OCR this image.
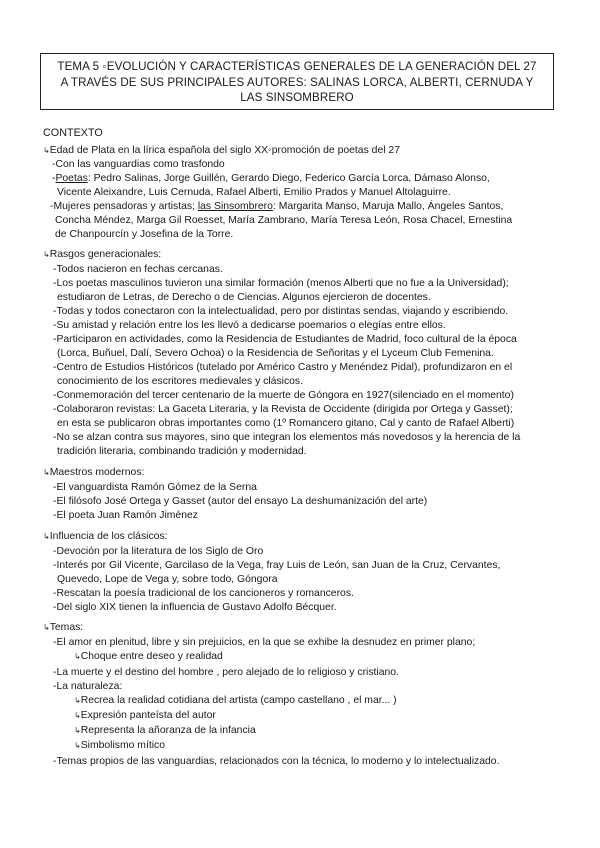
TEMA 5 ◦EVOLUCIÓN Y CARACTERÍSTICAS GENERALES DE LA GENERACIÓN DEL 27
A TRAVÉS DE SUS PRINCIPALES AUTORES: SALINAS LORCA, ALBERTI, CERNUDA Y
LAS SINSOMBRERO
CONTEXTO
↳Edad de Plata en la lírica española del siglo XX◦promoción de poetas del 27
-Con las vanguardias como trasfondo
-Poetas: Pedro Salinas, Jorge Guillén, Gerardo Diego, Federico García Lorca, Dámaso Alonso,
Vicente Aleixandre, Luis Cernuda, Rafael Alberti, Emilio Prados y Manuel Altolaguirre.
-Mujeres pensadoras y artistas; las Sinsombrero: Margarita Manso, Maruja Mallo, Ángeles Santos,
Concha Méndez, Marga Gil Roesset, María Zambrano, María Teresa León, Rosa Chacel, Ernestina
de Chanpourcín y Josefina de la Torre.
↳Rasgos generacionales:
-Todos nacieron en fechas cercanas.
-Los poetas masculinos tuvieron una similar formación (menos Alberti que no fue a la Universidad);
estudiaron de Letras, de Derecho o de Ciencias. Algunos ejercieron de docentes.
-Todas y todos conectaron con la intelectualidad, pero por distintas sendas, viajando y escribiendo.
-Su amistad y relación entre los les llevó a dedicarse poemarios o elegías entre ellos.
-Participaron en actividades, como la Residencia de Estudiantes de Madrid, foco cultural de la época
(Lorca, Buñuel, Dalí, Severo Ochoa) o la Residencia de Señoritas y el Lyceum Club Femenina.
-Centro de Estudios Históricos (tutelado por Américo Castro y Menéndez Pidal), profundizaron en el
conocimiento de los escritores medievales y clásicos.
-Conmemoración del tercer centenario de la muerte de Góngora en 1927(silenciado en el momento)
-Colaboraron revistas: La Gaceta Literaria, y la Revista de Occidente (dirigida por Ortega y Gasset);
en esta se publicaron obras importantes como (1º Romancero gitano, Cal y canto de Rafael Alberti)
-No se alzan contra sus mayores, sino que integran los elementos más novedosos y la herencia de la
tradición literaria, combinando tradición y modernidad.
↳Maestros modernos:
-El vanguardista Ramón Gómez de la Serna
-El filósofo José Ortega y Gasset (autor del ensayo La deshumanización del arte)
-El poeta Juan Ramón Jiménez
↳Influencia de los clásicos:
-Devoción por la literatura de los Siglo de Oro
-Interés por Gil Vicente, Garcilaso de la Vega, fray Luis de León, san Juan de la Cruz, Cervantes,
Quevedo, Lope de Vega y, sobre todo, Góngora
-Rescatan la poesía tradicional de los cancioneros y romanceros.
-Del siglo XIX tienen la influencia de Gustavo Adolfo Bécquer.
↳Temas:
-El amor en plenitud, libre y sin prejuicios, en la que se exhibe la desnudez en primer plano;
↳Choque entre deseo y realidad
-La muerte y el destino del hombre , pero alejado de lo religioso y cristiano.
-La naturaleza:
↳Recrea la realidad cotidiana del artista (campo castellano , el mar... )
↳Expresión panteísta del autor
↳Representa la añoranza de la infancia
↳Simbolismo mítico
-Temas propios de las vanguardias, relacionados con la técnica, lo moderno y lo intelectualizado.
